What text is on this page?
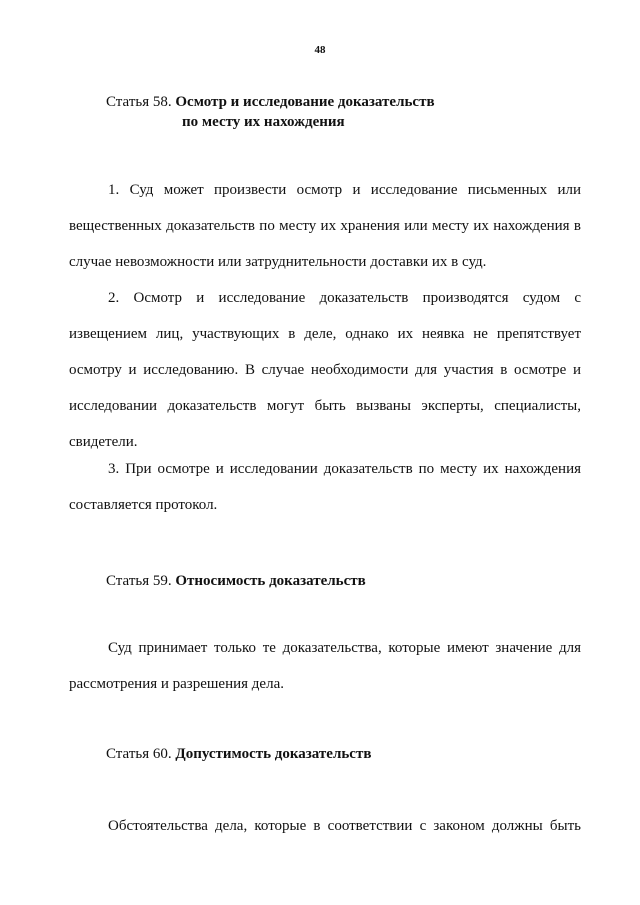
48
Статья 58. Осмотр и исследование доказательств
по месту их нахождения

1. Суд может произвести осмотр и исследование письменных или вещественных доказательств по месту их хранения или месту их нахождения в случае невозможности или затруднительности доставки их в суд.

2. Осмотр и исследование доказательств производятся судом с извещением лиц, участвующих в деле, однако их неявка не препятствует осмотру и исследованию. В случае необходимости для участия в осмотре и исследовании доказательств могут быть вызваны эксперты, специалисты, свидетели.

3. При осмотре и исследовании доказательств по месту их нахождения составляется протокол.

Статья 59. Относимость доказательств

Суд принимает только те доказательства, которые имеют значение для рассмотрения и разрешения дела.

Статья 60. Допустимость доказательств

Обстоятельства дела, которые в соответствии с законом должны быть
